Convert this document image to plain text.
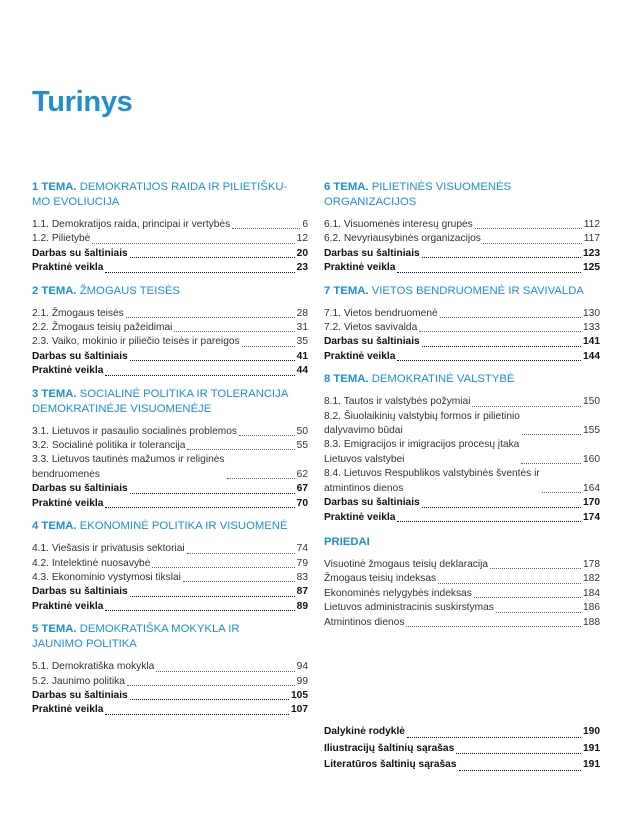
Turinys
1 TEMA. DEMOKRATIJOS RAIDA IR PILIETIŠKU-
MO EVOLIUCIJA
1.1. Demokratijos raida, principai ir vertybės	6
1.2. Pilietybė	12
Darbas su šaltiniais	20
Praktinė veikla	23
2 TEMA. ŽMOGAUS TEISĖS
2.1. Žmogaus teisės	28
2.2. Žmogaus teisių pažeidimai	31
2.3. Vaiko, mokinio ir piliečio teisės ir pareigos	35
Darbas su šaltiniais	41
Praktinė veikla	44
3 TEMA. SOCIALINĖ POLITIKA IR TOLERANCIJA
DEMOKRATINĖJE VISUOMENĖJE
3.1. Lietuvos ir pasaulio socialinės problemos	50
3.2. Socialinė politika ir tolerancija	55
3.3. Lietuvos tautinės mažumos ir religinės
bendruomenės	62
Darbas su šaltiniais	67
Praktinė veikla	70
4 TEMA. EKONOMINĖ POLITIKA IR VISUOMENĖ
4.1. Viešasis ir privatusis sektoriai	74
4.2. Intelektinė nuosavybė	79
4.3. Ekonominio vystymosi tikslai	83
Darbas su šaltiniais	87
Praktinė veikla	89
5 TEMA. DEMOKRATIŠKA MOKYKLA IR
JAUNIMO POLITIKA
5.1. Demokratiška mokykla	94
5.2. Jaunimo politika	99
Darbas su šaltiniais	105
Praktinė veikla	107
6 TEMA. PILIETINĖS VISUOMENĖS
ORGANIZACIJOS
6.1. Visuomenės interesų grupės	112
6.2. Nevyriausybinės organizacijos	117
Darbas su šaltiniais	123
Praktinė veikla	125
7 TEMA. VIETOS BENDRUOMENĖ IR SAVIVALDA
7.1. Vietos bendruomenė	130
7.2. Vietos savivalda	133
Darbas su šaltiniais	141
Praktinė veikla	144
8 TEMA. DEMOKRATINĖ VALSTYBĖ
8.1. Tautos ir valstybės požymiai	150
8.2. Šiuolaikinių valstybių formos ir pilietinio
dalyvavimo būdai	155
8.3. Emigracijos ir imigracijos procesų įtaka
Lietuvos valstybei	160
8.4. Lietuvos Respublikos valstybinės šventės ir
atmintinos dienos	164
Darbas su šaltiniais	170
Praktinė veikla	174
PRIEDAI
Visuotinė žmogaus teisių deklaracija	178
Žmogaus teisių indeksas	182
Ekonominės nelygybės indeksas	184
Lietuvos administracinis suskirstymas	186
Atmintinos dienos	188
Dalykinė rodyklė	190
Iliustracijų šaltinių sąrašas	191
Literatūros šaltinių sąrašas	191
